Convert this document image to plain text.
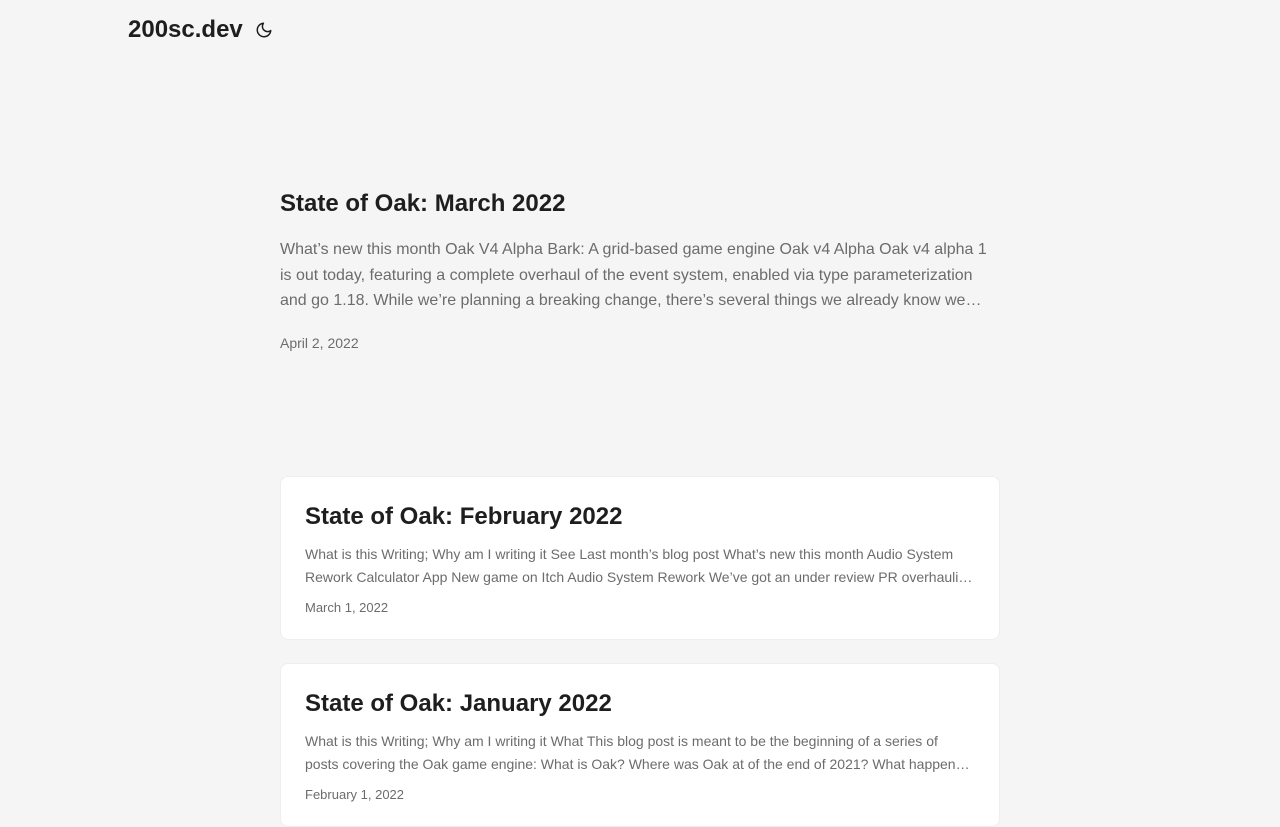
200sc.dev
State of Oak: March 2022
What’s new this month Oak V4 Alpha Bark: A grid-based game engine Oak v4 Alpha Oak v4 alpha 1 is out today, featuring a complete overhaul of the event system, enabled via type parameterization and go 1.18. While we’re planning a breaking change, there’s several things we already know we
April 2, 2022
State of Oak: February 2022
What is this Writing; Why am I writing it See Last month’s blog post What’s new this month Audio System Rework Calculator App New game on Itch Audio System Rework We’ve got an under review PR overhauling
March 1, 2022
State of Oak: January 2022
What is this Writing; Why am I writing it What This blog post is meant to be the beginning of a series of posts covering the Oak game engine: What is Oak? Where was Oak at of the end of 2021? What happened
February 1, 2022
